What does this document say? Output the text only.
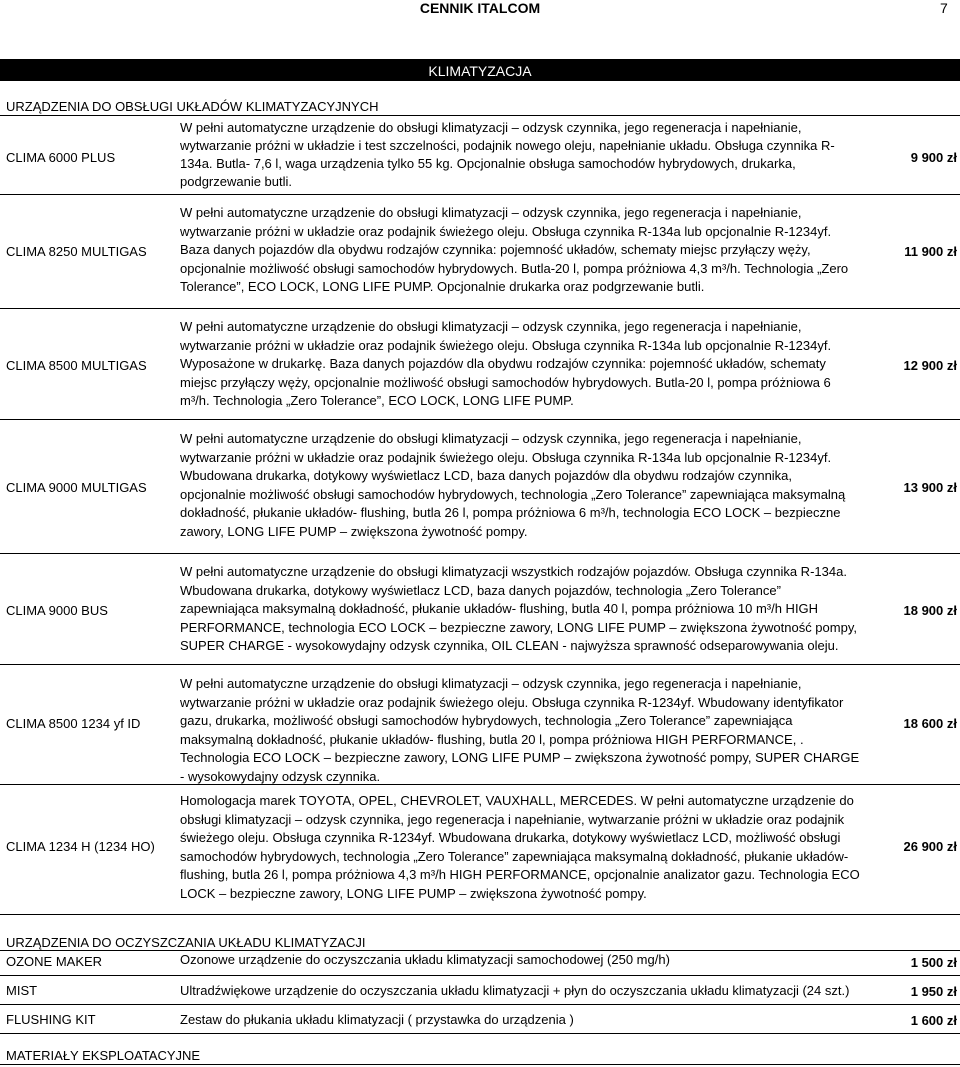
CENNIK ITALCOM	7
KLIMATYZACJA
URZĄDZENIA DO OBSŁUGI UKŁADÓW KLIMATYZACYJNYCH
CLIMA 6000 PLUS
W pełni automatyczne urządzenie do obsługi klimatyzacji – odzysk czynnika, jego regeneracja i napełnianie, wytwarzanie próżni w układzie i test szczelności, podajnik nowego oleju, napełnianie układu. Obsługa czynnika R-134a. Butla- 7,6 l, waga urządzenia tylko 55 kg. Opcjonalnie obsługa samochodów hybrydowych, drukarka, podgrzewanie butli.
9 900 zł
CLIMA 8250 MULTIGAS
W pełni automatyczne urządzenie do obsługi klimatyzacji – odzysk czynnika, jego regeneracja i napełnianie, wytwarzanie próżni w układzie oraz podajnik świeżego oleju. Obsługa czynnika R-134a lub opcjonalnie R-1234yf. Baza danych pojazdów dla obydwu rodzajów czynnika: pojemność układów, schematy miejsc przyłączy węży, opcjonalnie możliwość obsługi samochodów hybrydowych. Butla-20 l, pompa próżniowa 4,3 m³/h. Technologia „Zero Tolerance”, ECO LOCK, LONG LIFE PUMP. Opcjonalnie drukarka oraz podgrzewanie butli.
11 900 zł
CLIMA 8500 MULTIGAS
W pełni automatyczne urządzenie do obsługi klimatyzacji – odzysk czynnika, jego regeneracja i napełnianie, wytwarzanie próżni w układzie oraz podajnik świeżego oleju. Obsługa czynnika R-134a lub opcjonalnie R-1234yf. Wyposażone w drukarkę. Baza danych pojazdów dla obydwu rodzajów czynnika: pojemność układów, schematy miejsc przyłączy węży, opcjonalnie możliwość obsługi samochodów hybrydowych. Butla-20 l, pompa próżniowa 6 m³/h. Technologia „Zero Tolerance”, ECO LOCK, LONG LIFE PUMP.
12 900 zł
CLIMA 9000 MULTIGAS
W pełni automatyczne urządzenie do obsługi klimatyzacji – odzysk czynnika, jego regeneracja i napełnianie, wytwarzanie próżni w układzie oraz podajnik świeżego oleju. Obsługa czynnika R-134a lub opcjonalnie R-1234yf. Wbudowana drukarka, dotykowy wyświetlacz LCD, baza danych pojazdów dla obydwu rodzajów czynnika, opcjonalnie możliwość obsługi samochodów hybrydowych, technologia „Zero Tolerance” zapewniająca maksymalną dokładność, płukanie układów- flushing, butla 26 l, pompa próżniowa 6 m³/h, technologia ECO LOCK – bezpieczne zawory, LONG LIFE PUMP – zwiększona żywotność pompy.
13 900 zł
CLIMA 9000 BUS
W pełni automatyczne urządzenie do obsługi klimatyzacji wszystkich rodzajów pojazdów. Obsługa czynnika R-134a. Wbudowana drukarka, dotykowy wyświetlacz LCD, baza danych pojazdów, technologia „Zero Tolerance” zapewniająca maksymalną dokładność, płukanie układów- flushing, butla 40 l, pompa próżniowa 10 m³/h HIGH PERFORMANCE, technologia ECO LOCK – bezpieczne zawory, LONG LIFE PUMP – zwiększona żywotność pompy, SUPER CHARGE - wysokowydajny odzysk czynnika, OIL CLEAN - najwyższa sprawność odseparowywania oleju.
18 900 zł
CLIMA 8500 1234 yf ID
W pełni automatyczne urządzenie do obsługi klimatyzacji – odzysk czynnika, jego regeneracja i napełnianie, wytwarzanie próżni w układzie oraz podajnik świeżego oleju. Obsługa czynnika R-1234yf. Wbudowany identyfikator gazu, drukarka, możliwość obsługi samochodów hybrydowych, technologia „Zero Tolerance” zapewniająca maksymalną dokładność, płukanie układów- flushing, butla 20 l, pompa próżniowa HIGH PERFORMANCE, . Technologia ECO LOCK – bezpieczne zawory, LONG LIFE PUMP – zwiększona żywotność pompy, SUPER CHARGE - wysokowydajny odzysk czynnika.
18 600 zł
CLIMA 1234 H (1234 HO)
Homologacja marek TOYOTA, OPEL, CHEVROLET, VAUXHALL, MERCEDES. W pełni automatyczne urządzenie do obsługi klimatyzacji – odzysk czynnika, jego regeneracja i napełnianie, wytwarzanie próżni w układzie oraz podajnik świeżego oleju. Obsługa czynnika R-1234yf. Wbudowana drukarka, dotykowy wyświetlacz LCD, możliwość obsługi samochodów hybrydowych, technologia „Zero Tolerance” zapewniająca maksymalną dokładność, płukanie układów- flushing, butla 26 l, pompa próżniowa 4,3 m³/h HIGH PERFORMANCE, opcjonalnie analizator gazu. Technologia ECO LOCK – bezpieczne zawory, LONG LIFE PUMP – zwiększona żywotność pompy.
26 900 zł
URZĄDZENIA DO OCZYSZCZANIA UKŁADU KLIMATYZACJI
OZONE MAKER	Ozonowe urządzenie do oczyszczania układu klimatyzacji samochodowej (250 mg/h)	1 500 zł
MIST	Ultradźwiękowe urządzenie do oczyszczania układu klimatyzacji + płyn do oczyszczania układu klimatyzacji (24 szt.)	1 950 zł
FLUSHING KIT	Zestaw do płukania układu klimatyzacji ( przystawka do urządzenia )	1 600 zł
MATERIAŁY EKSPLOATACYJNE
